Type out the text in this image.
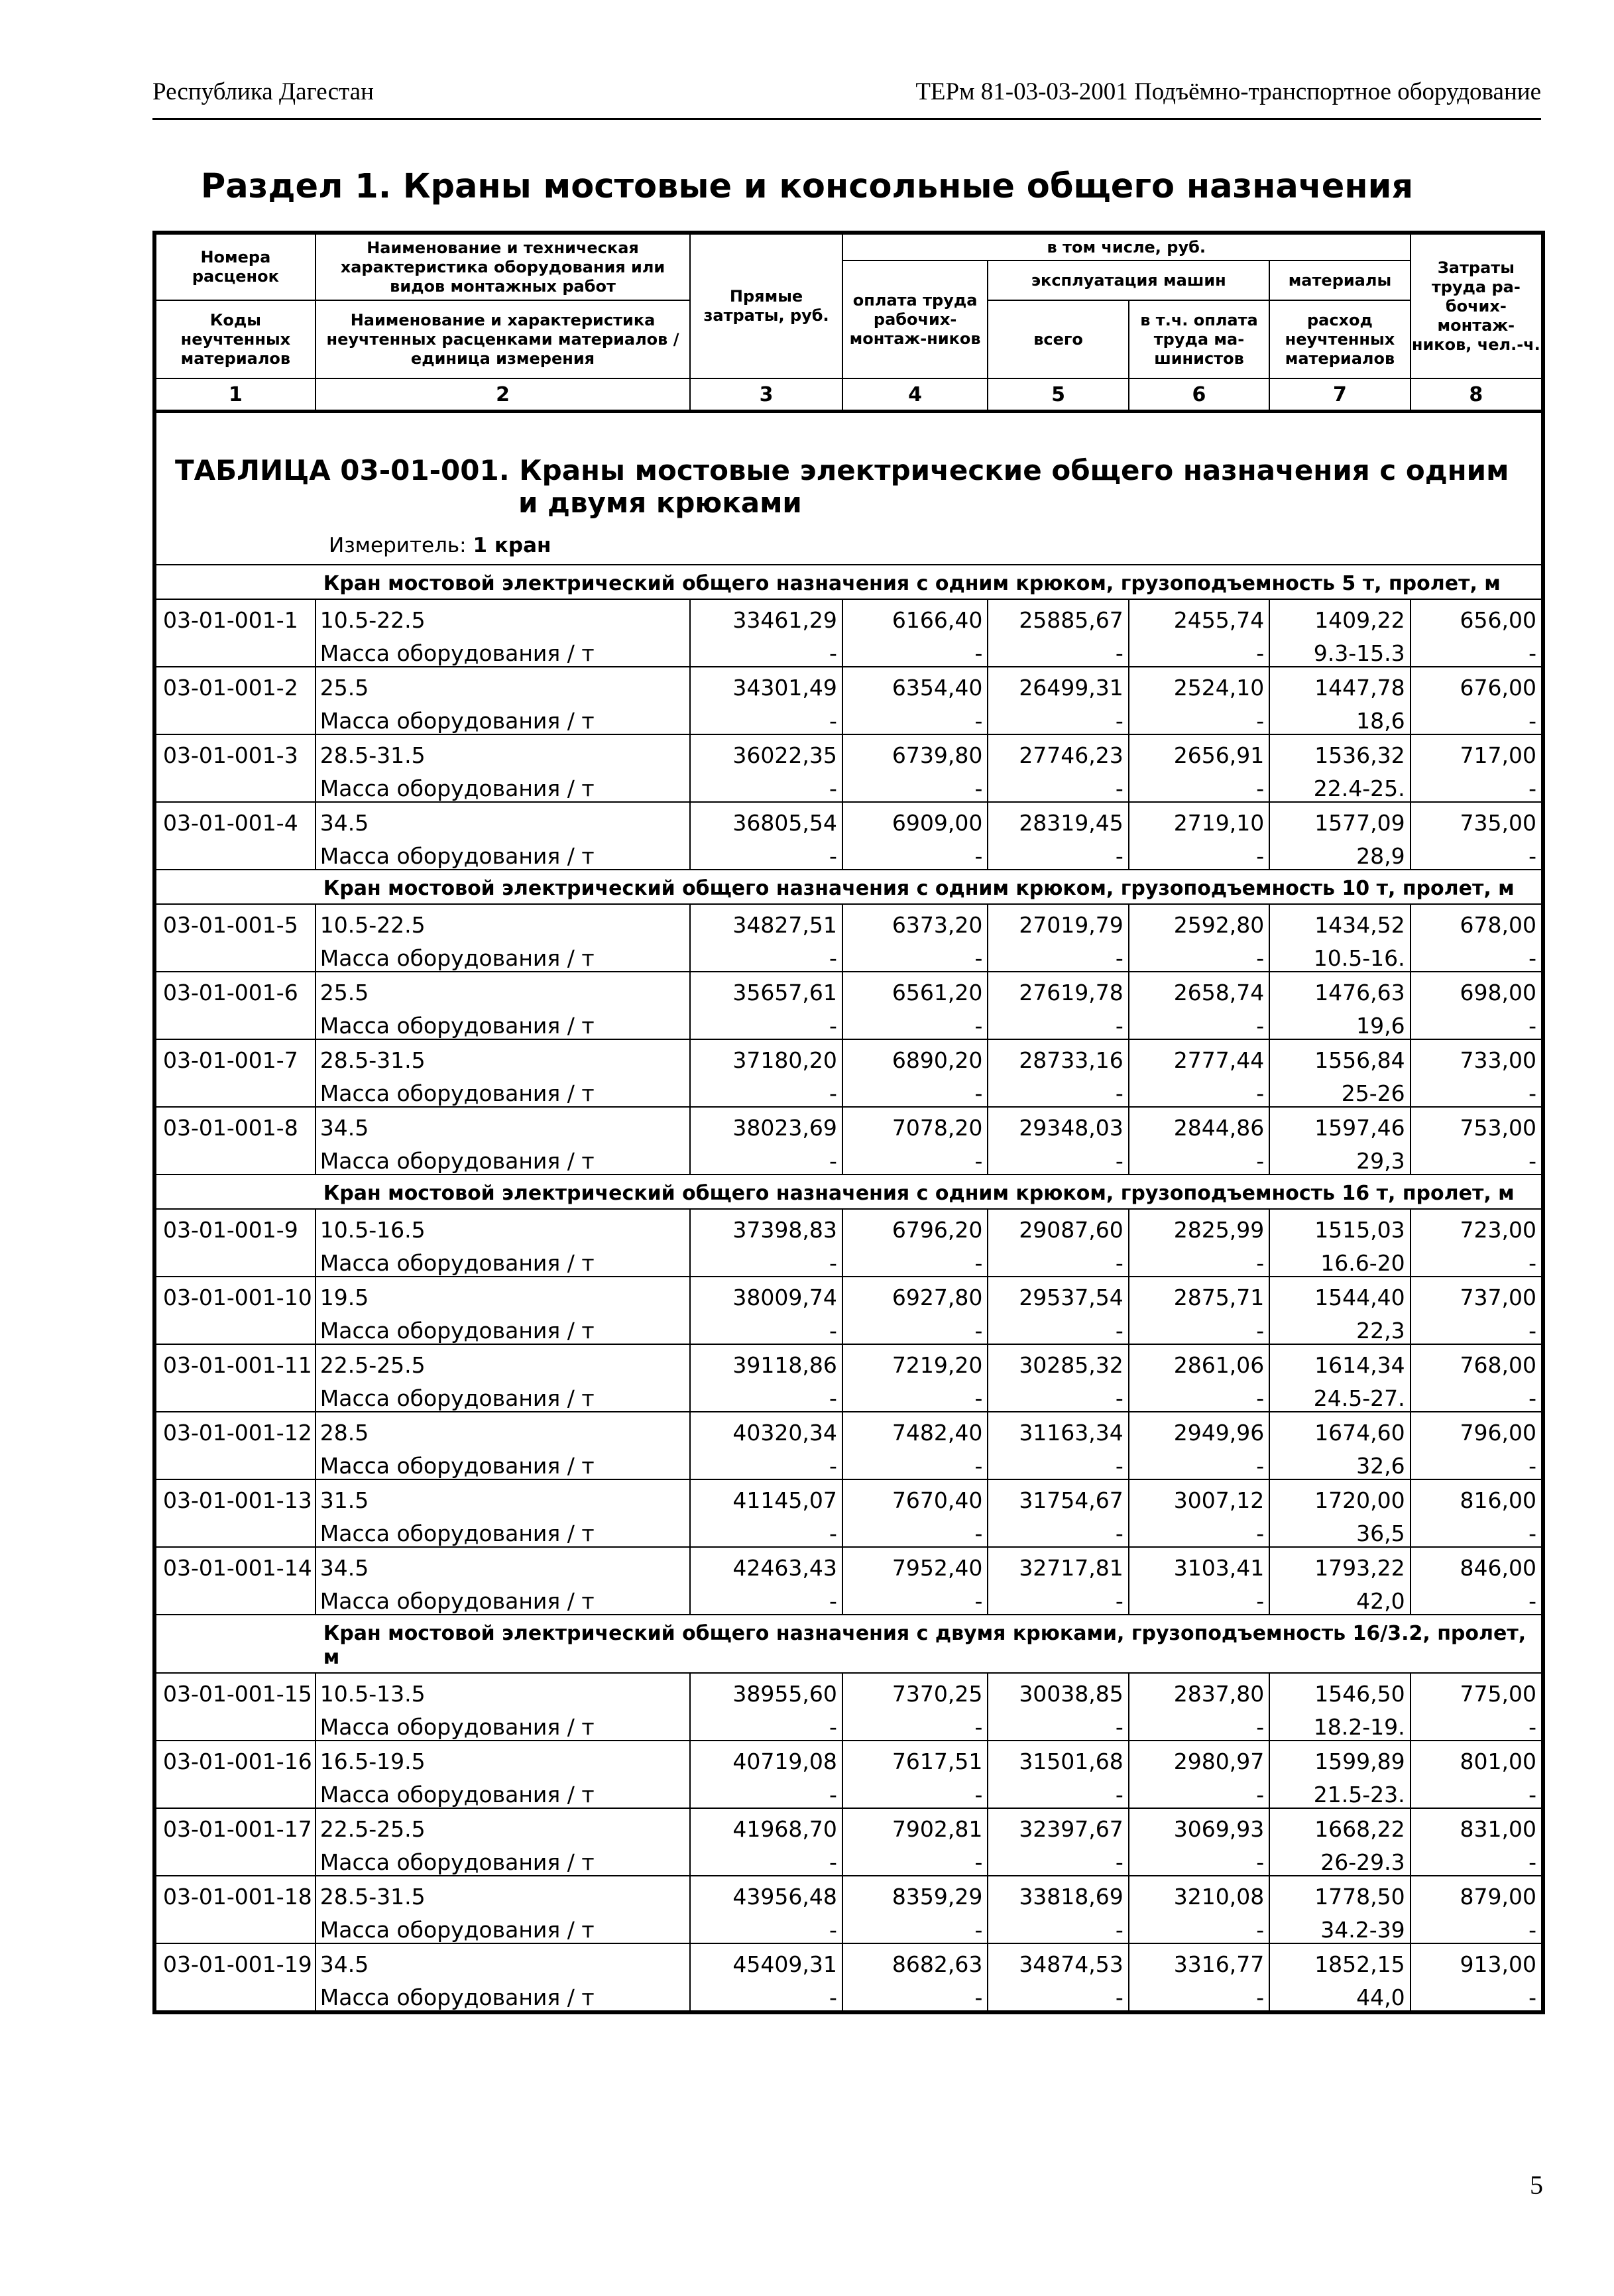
Республика Дагестан	ТЕРм 81-03-03-2001 Подъёмно-транспортное оборудование
Раздел 1. Краны мостовые и консольные общего назначения
Номера расценок	Наименование и техническая характеристика оборудования или видов монтажных работ	Прямые затраты, руб.	в том числе, руб.				Затраты труда ра-бочих-монтаж-ников, чел.-ч.
			оплата труда рабочих-монтаж-ников	эксплуатация машин		материалы	
Коды неучтенных материалов	Наименование и характеристика неучтенных расценками материалов / единица измерения			всего	в т.ч. оплата труда ма-шинистов	расход неучтенных материалов	

1	2	3	4	5	6	7	8

ТАБЛИЦА 03-01-001. Краны мостовые электрические общего назначения с одним
и двумя крюками
Измеритель: 1 кран							

	Кран мостовой электрический общего назначения с одним крюком, грузоподъемность 5 т, пролет, м						
03-01-001-1	10.5-22.5	33461,29	6166,40	25885,67	2455,74	1409,22	656,00
	Масса оборудования / т	-	-	-	-	9.3-15.3	-
03-01-001-2	25.5	34301,49	6354,40	26499,31	2524,10	1447,78	676,00
	Масса оборудования / т	-	-	-	-	18,6	-
03-01-001-3	28.5-31.5	36022,35	6739,80	27746,23	2656,91	1536,32	717,00
	Масса оборудования / т	-	-	-	-	22.4-25.	-
03-01-001-4	34.5	36805,54	6909,00	28319,45	2719,10	1577,09	735,00
	Масса оборудования / т	-	-	-	-	28,9	-
	Кран мостовой электрический общего назначения с одним крюком, грузоподъемность 10 т, пролет, м						
03-01-001-5	10.5-22.5	34827,51	6373,20	27019,79	2592,80	1434,52	678,00
	Масса оборудования / т	-	-	-	-	10.5-16.	-
03-01-001-6	25.5	35657,61	6561,20	27619,78	2658,74	1476,63	698,00
	Масса оборудования / т	-	-	-	-	19,6	-
03-01-001-7	28.5-31.5	37180,20	6890,20	28733,16	2777,44	1556,84	733,00
	Масса оборудования / т	-	-	-	-	25-26	-
03-01-001-8	34.5	38023,69	7078,20	29348,03	2844,86	1597,46	753,00
	Масса оборудования / т	-	-	-	-	29,3	-
	Кран мостовой электрический общего назначения с одним крюком, грузоподъемность 16 т, пролет, м						
03-01-001-9	10.5-16.5	37398,83	6796,20	29087,60	2825,99	1515,03	723,00
	Масса оборудования / т	-	-	-	-	16.6-20	-
03-01-001-10	19.5	38009,74	6927,80	29537,54	2875,71	1544,40	737,00
	Масса оборудования / т	-	-	-	-	22,3	-
03-01-001-11	22.5-25.5	39118,86	7219,20	30285,32	2861,06	1614,34	768,00
	Масса оборудования / т	-	-	-	-	24.5-27.	-
03-01-001-12	28.5	40320,34	7482,40	31163,34	2949,96	1674,60	796,00
	Масса оборудования / т	-	-	-	-	32,6	-
03-01-001-13	31.5	41145,07	7670,40	31754,67	3007,12	1720,00	816,00
	Масса оборудования / т	-	-	-	-	36,5	-
03-01-001-14	34.5	42463,43	7952,40	32717,81	3103,41	1793,22	846,00
	Масса оборудования / т	-	-	-	-	42,0	-
	Кран мостовой электрический общего назначения с двумя крюками, грузоподъемность 16/3.2, пролет, м						
03-01-001-15	10.5-13.5	38955,60	7370,25	30038,85	2837,80	1546,50	775,00
	Масса оборудования / т	-	-	-	-	18.2-19.	-
03-01-001-16	16.5-19.5	40719,08	7617,51	31501,68	2980,97	1599,89	801,00
	Масса оборудования / т	-	-	-	-	21.5-23.	-
03-01-001-17	22.5-25.5	41968,70	7902,81	32397,67	3069,93	1668,22	831,00
	Масса оборудования / т	-	-	-	-	26-29.3	-
03-01-001-18	28.5-31.5	43956,48	8359,29	33818,69	3210,08	1778,50	879,00
	Масса оборудования / т	-	-	-	-	34.2-39	-
03-01-001-19	34.5	45409,31	8682,63	34874,53	3316,77	1852,15	913,00
	Масса оборудования / т	-	-	-	-	44,0	-
5
